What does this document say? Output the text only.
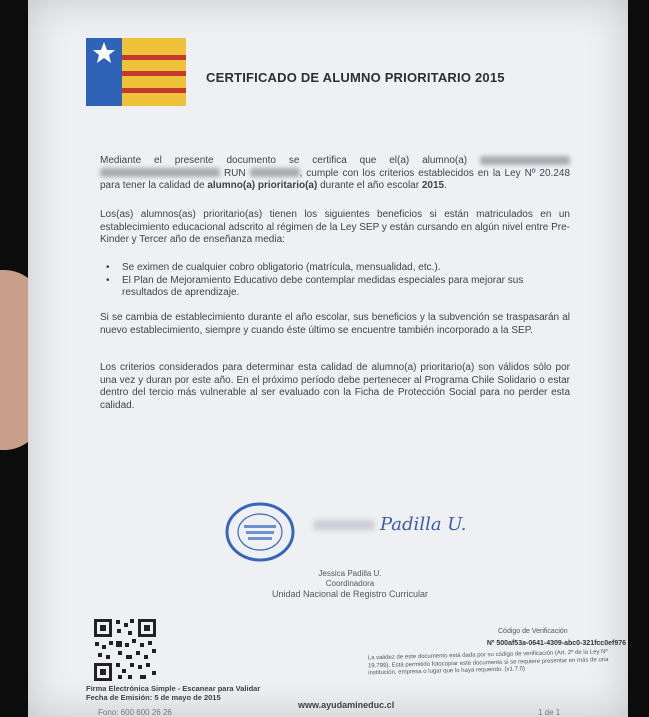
CERTIFICADO DE ALUMNO PRIORITARIO 2015
Mediante el presente documento se certifica que el(a) alumno(a)   RUN	, cumple con los criterios establecidos en la Ley Nº 20.248 para tener la calidad de alumno(a) prioritario(a) durante el año escolar 2015.
Los(as) alumnos(as) prioritario(as) tienen los siguientes beneficios si están matriculados en un establecimiento educacional adscrito al régimen de la Ley SEP y están cursando en algún nivel entre Pre-Kinder y Tercer año de enseñanza media:
•	Se eximen de cualquier cobro obligatorio (matrícula, mensualidad, etc.).
•	El Plan de Mejoramiento Educativo debe contemplar medidas especiales para mejorar sus resultados de aprendizaje.
Si se cambia de establecimiento durante el año escolar, sus beneficios y la subvención se traspasarán al nuevo establecimiento, siempre y cuando éste último se encuentre también incorporado a la SEP.
Los criterios considerados para determinar esta calidad de alumno(a) prioritario(a) son válidos sólo por una vez y duran por este año. En el próximo período debe pertenecer al Programa Chile Solidario o estar dentro del tercio más vulnerable al ser evaluado con la Ficha de Protección Social para no perder esta calidad.
Padilla U.
Jessica Padilla U.
Coordinadora
Unidad Nacional de Registro Curricular
Código de Verificación
Nº 500af53a-0641-4309-abc0-321fcc0ef976
La validez de este documento está dada por su código de verificación (Art. 2º de la Ley Nº 19.799). Está permitido fotocopiar este documento si se requiere presentar en más de una institución, empresa o lugar que lo haya requerido. (v1.7.0)
Firma Electrónica Simple - Escanear para Validar
Fecha de Emisión: 5 de mayo de 2015
www.ayudamineduc.cl
Fono: 600 600 26 26	1 de 1
